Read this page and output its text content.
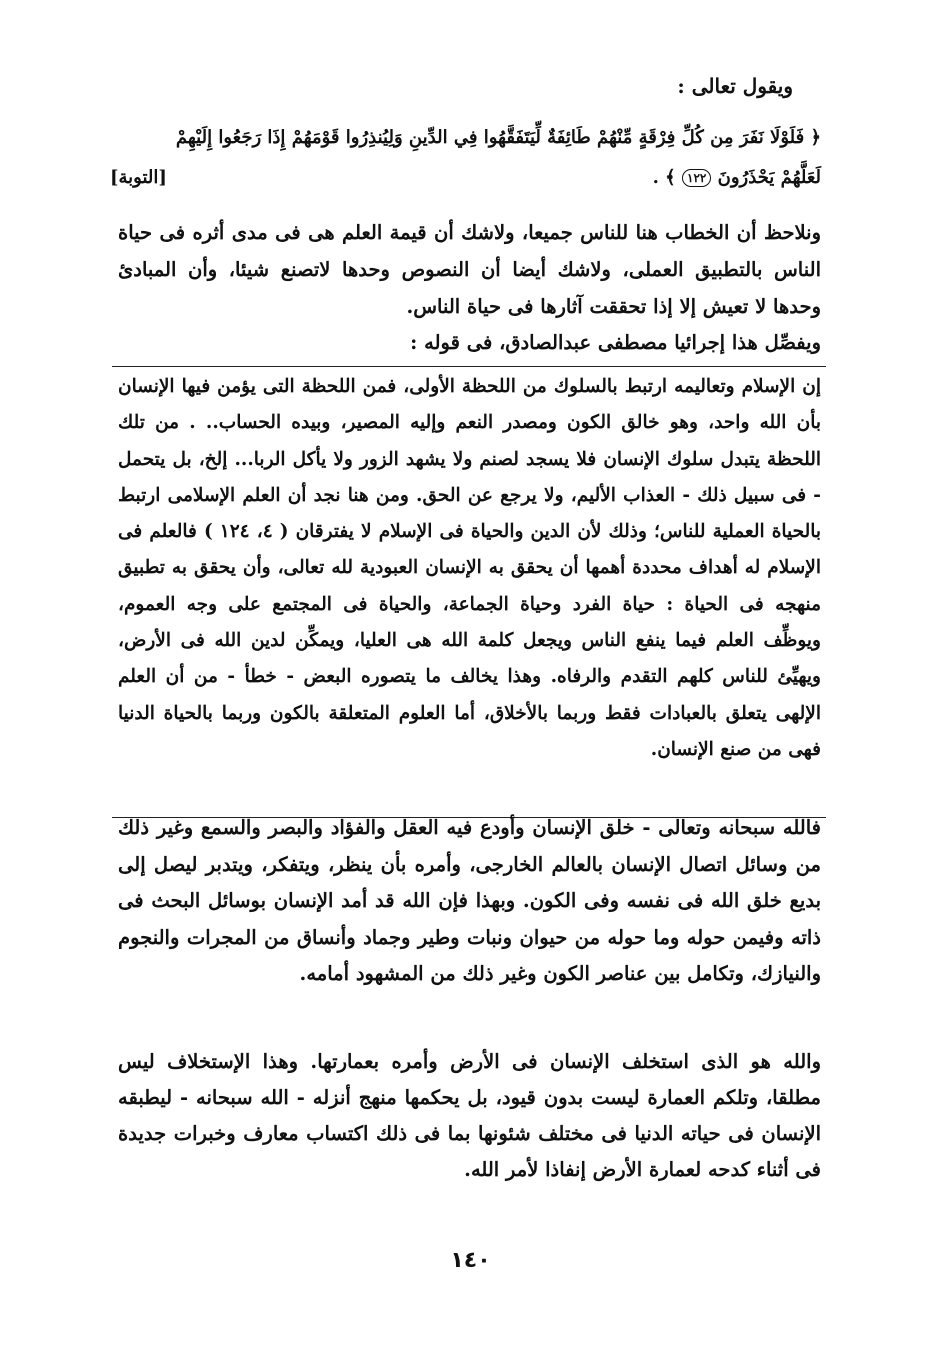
ويقول تعالى :
﴿ فَلَوْلَا نَفَرَ مِن كُلِّ فِرْقَةٍ مِّنْهُمْ طَائِفَةٌ لِّيَتَفَقَّهُوا فِي الدِّينِ وَلِيُنذِرُوا قَوْمَهُمْ إِذَا رَجَعُوا إِلَيْهِمْ
لَعَلَّهُمْ يَحْذَرُونَ ١٢٢ ﴾ .
[التوبة]
ونلاحظ أن الخطاب هنا للناس جميعا، ولاشك أن قيمة العلم هى فى مدى أثره فى حياة الناس بالتطبيق العملى، ولاشك أيضا أن النصوص وحدها لاتصنع شيئا، وأن المبادئ وحدها لا تعيش إلا إذا تحققت آثارها فى حياة الناس.
ويفصِّل هذا إجرائيا مصطفى عبدالصادق، فى قوله :
إن الإسلام وتعاليمه ارتبط بالسلوك من اللحظة الأولى، فمن اللحظة التى يؤمن فيها الإنسان بأن الله واحد، وهو خالق الكون ومصدر النعم وإليه المصير، وبيده الحساب.. . من تلك اللحظة يتبدل سلوك الإنسان فلا يسجد لصنم ولا يشهد الزور ولا يأكل الربا... إلخ، بل يتحمل - فى سبيل ذلك - العذاب الأليم، ولا يرجع عن الحق. ومن هنا نجد أن العلم الإسلامى ارتبط بالحياة العملية للناس؛ وذلك لأن الدين والحياة فى الإسلام لا يفترقان ( ٤، ١٢٤ ) فالعلم فى الإسلام له أهداف محددة أهمها أن يحقق به الإنسان العبودية لله تعالى، وأن يحقق به تطبيق منهجه فى الحياة : حياة الفرد وحياة الجماعة، والحياة فى المجتمع على وجه العموم، ويوظِّف العلم فيما ينفع الناس ويجعل كلمة الله هى العليا، ويمكِّن لدين الله فى الأرض، ويهيِّئ للناس كلهم التقدم والرفاه. وهذا يخالف ما يتصوره البعض - خطأ - من أن العلم الإلهى يتعلق بالعبادات فقط وربما بالأخلاق، أما العلوم المتعلقة بالكون وربما بالحياة الدنيا فهى من صنع الإنسان.
فالله سبحانه وتعالى - خلق الإنسان وأودع فيه العقل والفؤاد والبصر والسمع وغير ذلك من وسائل اتصال الإنسان بالعالم الخارجى، وأمره بأن ينظر، ويتفكر، ويتدبر ليصل إلى بديع خلق الله فى نفسه وفى الكون. وبهذا فإن الله قد أمد الإنسان بوسائل البحث فى ذاته وفيمن حوله وما حوله من حيوان ونبات وطير وجماد وأنساق من المجرات والنجوم والنيازك، وتكامل بين عناصر الكون وغير ذلك من المشهود أمامه.
والله هو الذى استخلف الإنسان فى الأرض وأمره بعمارتها. وهذا الإستخلاف ليس مطلقا، وتلكم العمارة ليست بدون قيود، بل يحكمها منهج أنزله - الله سبحانه - ليطبقه الإنسان فى حياته الدنيا فى مختلف شئونها بما فى ذلك اكتساب معارف وخبرات جديدة فى أثناء كدحه لعمارة الأرض إنفاذا لأمر الله.
١٤٠
